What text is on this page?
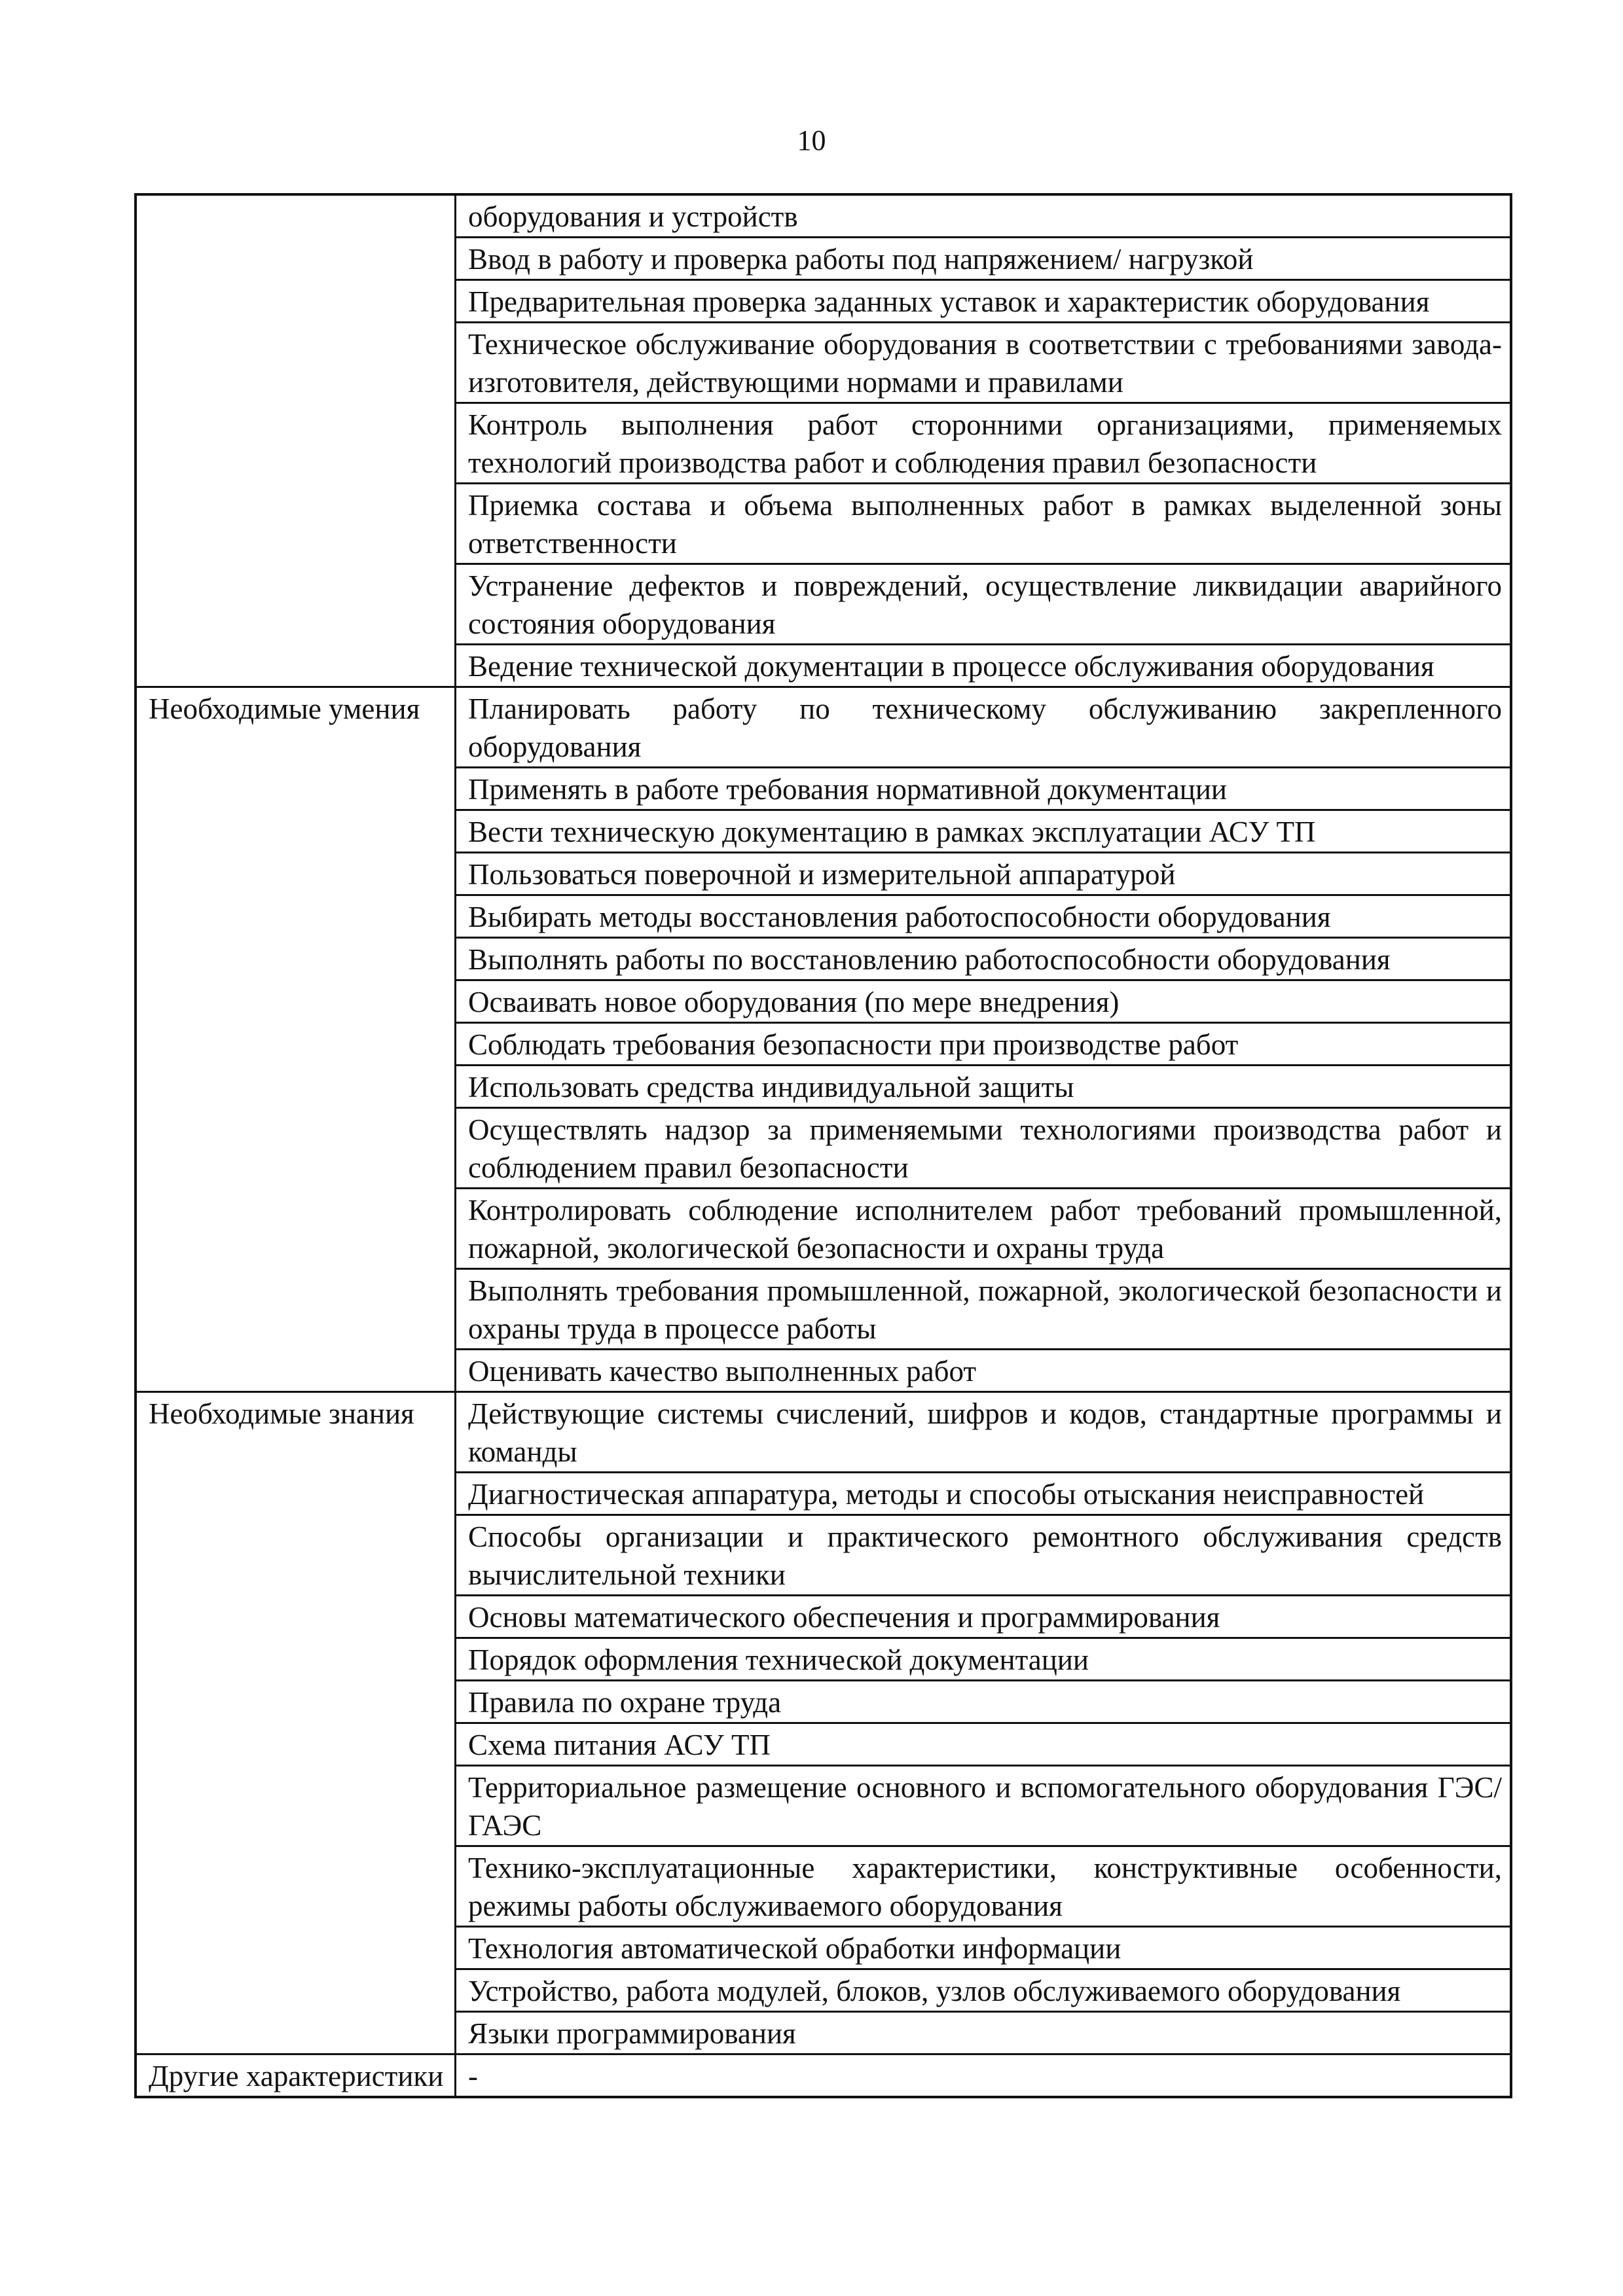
10
	оборудования и устройств
	Ввод в работу и проверка работы под напряжением/ нагрузкой
	Предварительная проверка заданных уставок и характеристик оборудования
	Техническое обслуживание оборудования в соответствии с требованиями завода-изготовителя, действующими нормами и правилами
	Контроль выполнения работ сторонними организациями, применяемых технологий производства работ и соблюдения правил безопасности
	Приемка состава и объема выполненных работ в рамках выделенной зоны ответственности
	Устранение дефектов и повреждений, осуществление ликвидации аварийного состояния оборудования
	Ведение технической документации в процессе обслуживания оборудования
Необходимые умения	Планировать работу по техническому обслуживанию закрепленного оборудования
	Применять в работе требования нормативной документации
	Вести техническую документацию в рамках эксплуатации АСУ ТП
	Пользоваться поверочной и измерительной аппаратурой
	Выбирать методы восстановления работоспособности оборудования
	Выполнять работы по восстановлению работоспособности оборудования
	Осваивать новое оборудования (по мере внедрения)
	Соблюдать требования безопасности при производстве работ
	Использовать средства индивидуальной защиты
	Осуществлять надзор за применяемыми технологиями производства работ и соблюдением правил безопасности
	Контролировать соблюдение исполнителем работ требований промышленной, пожарной, экологической безопасности и охраны труда
	Выполнять требования промышленной, пожарной, экологической безопасности и охраны труда в процессе работы
	Оценивать качество выполненных работ
Необходимые знания	Действующие системы счислений, шифров и кодов, стандартные программы и команды
	Диагностическая аппаратура, методы и способы отыскания неисправностей
	Способы организации и практического ремонтного обслуживания средств вычислительной техники
	Основы математического обеспечения и программирования
	Порядок оформления технической документации
	Правила по охране труда
	Схема питания АСУ ТП
	Территориальное размещение основного и вспомогательного оборудования ГЭС/ГАЭС
	Технико-эксплуатационные характеристики, конструктивные особенности, режимы работы обслуживаемого оборудования
	Технология автоматической обработки информации
	Устройство, работа модулей, блоков, узлов обслуживаемого оборудования
	Языки программирования
Другие характеристики	-
